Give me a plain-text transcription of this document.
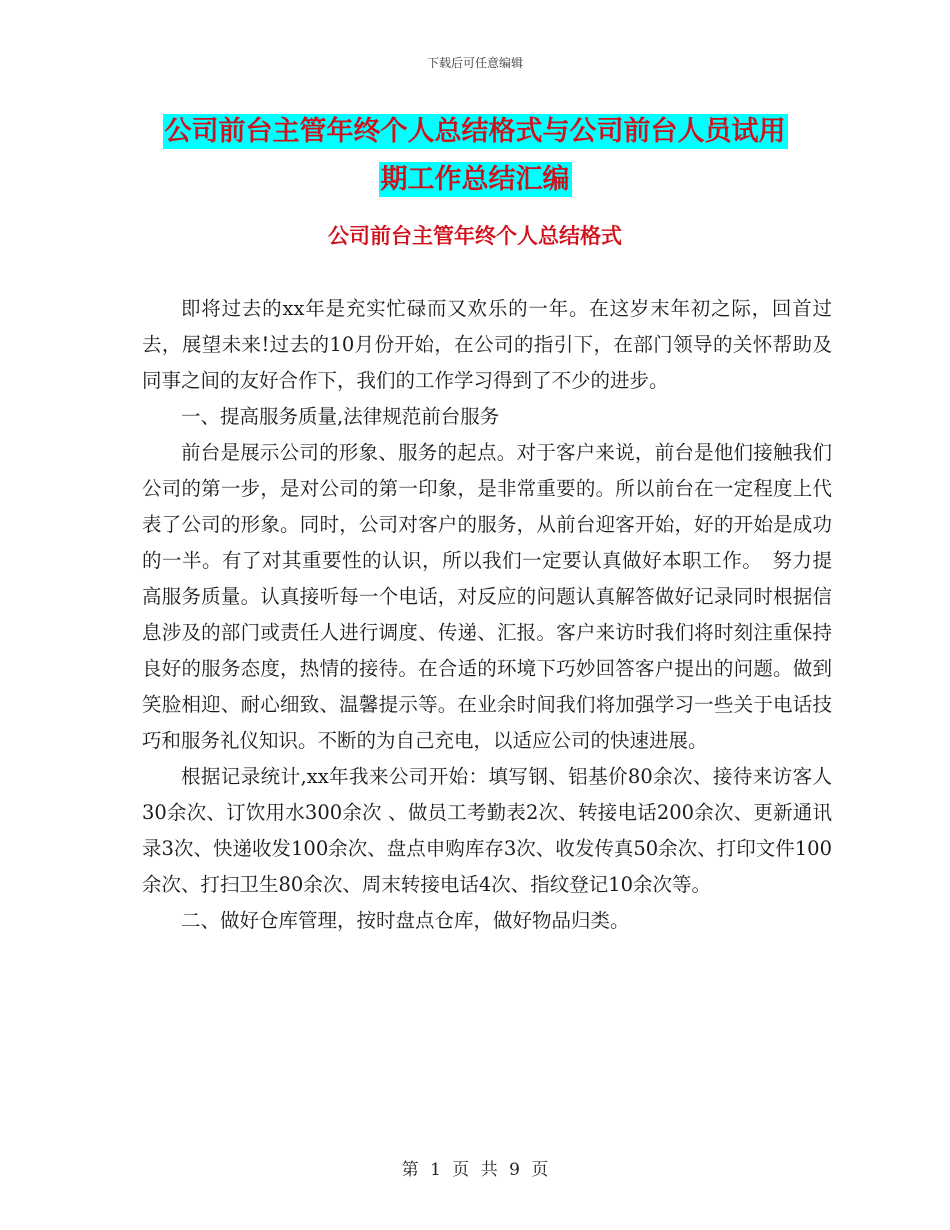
下载后可任意编辑
公司前台主管年终个人总结格式与公司前台人员试用
期工作总结汇编
公司前台主管年终个人总结格式

即将过去的xx年是充实忙碌而又欢乐的一年。在这岁末年初之际，回首过去，展望未来!过去的10月份开始，在公司的指引下，在部门领导的关怀帮助及同事之间的友好合作下，我们的工作学习得到了不少的进步。

一、提高服务质量,法律规范前台服务

前台是展示公司的形象、服务的起点。对于客户来说，前台是他们接触我们公司的第一步，是对公司的第一印象，是非常重要的。所以前台在一定程度上代表了公司的形象。同时，公司对客户的服务，从前台迎客开始，好的开始是成功的一半。有了对其重要性的认识，所以我们一定要认真做好本职工作。　努力提高服务质量。认真接听每一个电话，对反应的问题认真解答做好记录同时根据信息涉及的部门或责任人进行调度、传递、汇报。客户来访时我们将时刻注重保持良好的服务态度，热情的接待。在合适的环境下巧妙回答客户提出的问题。做到笑脸相迎、耐心细致、温馨提示等。在业余时间我们将加强学习一些关于电话技巧和服务礼仪知识。不断的为自己充电，以适应公司的快速进展。

根据记录统计,xx年我来公司开始：填写钢、铝基价80余次、接待来访客人30余次、订饮用水300余次 、做员工考勤表2次、转接电话200余次、更新通讯录3次、快递收发100余次、盘点申购库存3次、收发传真50余次、打印文件100余次、打扫卫生80余次、周末转接电话4次、指纹登记10余次等。

二、做好仓库管理，按时盘点仓库，做好物品归类。

第 1 页 共 9 页
